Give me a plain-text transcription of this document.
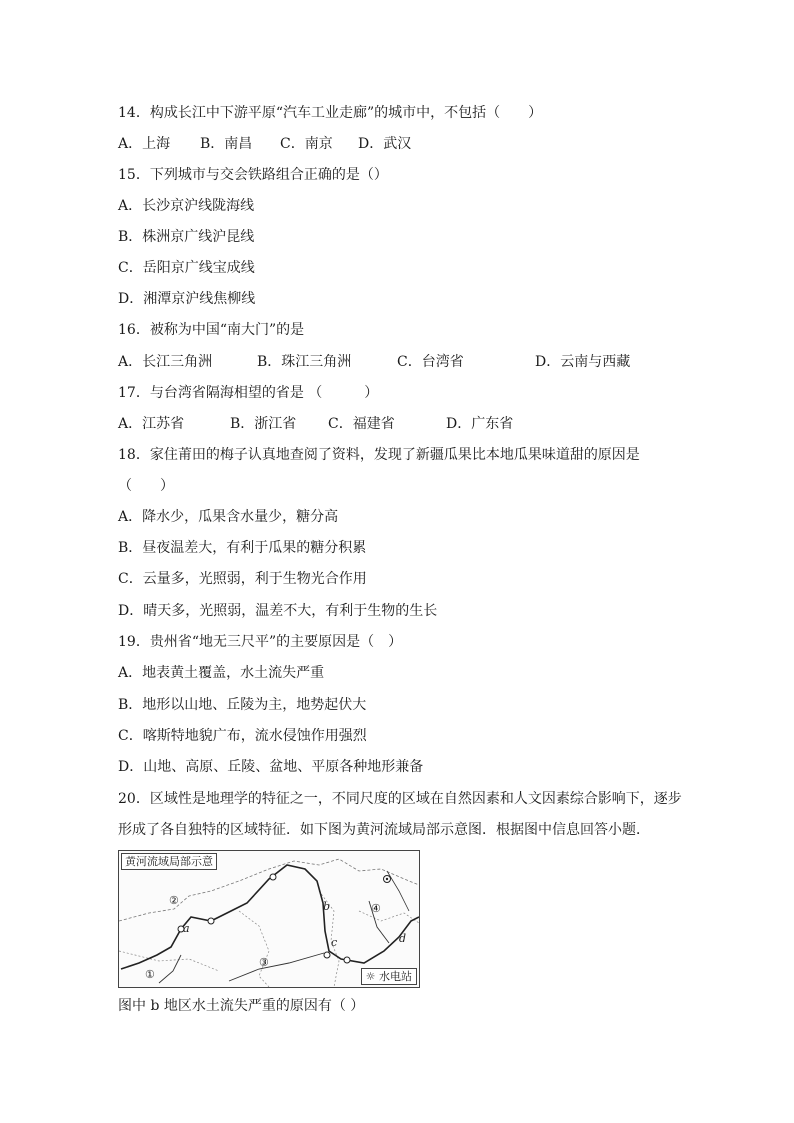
14．构成长江中下游平原“汽车工业走廊”的城市中，不包括（　　）

A．上海

B．南昌

C．南京

D．武汉

15．下列城市与交会铁路组合正确的是（）
A．长沙京沪线陇海线
B．株洲京广线沪昆线
C．岳阳京广线宝成线
D．湘潭京沪线焦柳线
16．被称为中国“南大门”的是

A．长江三角洲

	B．珠江三角洲

	C．台湾省

	D．云南与西藏

17．与台湾省隔海相望的省是 （　　　）

A．江苏省

	B．浙江省

C．福建省

	D．广东省

18．家住莆田的梅子认真地查阅了资料，发现了新疆瓜果比本地瓜果味道甜的原因是
（　　）
A．降水少，瓜果含水量少，糖分高
B．昼夜温差大，有利于瓜果的糖分积累
C．云量多，光照弱，利于生物光合作用
D．晴天多，光照弱，温差不大，有利于生物的生长
19．贵州省“地无三尺平”的主要原因是（　）
A．地表黄土覆盖，水土流失严重
B．地形以山地、丘陵为主，地势起伏大
C．喀斯特地貌广布，流水侵蚀作用强烈
D．山地、高原、丘陵、盆地、平原各种地形兼备
20．区域性是地理学的特征之一，不同尺度的区域在自然因素和人文因素综合影响下，逐步
形成了各自独特的区域特征．如下图为黄河流域局部示意图．根据图中信息回答小题．
黄河流域局部示意
☼ 水电站
a
b
c	d
①
②
③
④
图中 b 地区水土流失严重的原因有（ ）
